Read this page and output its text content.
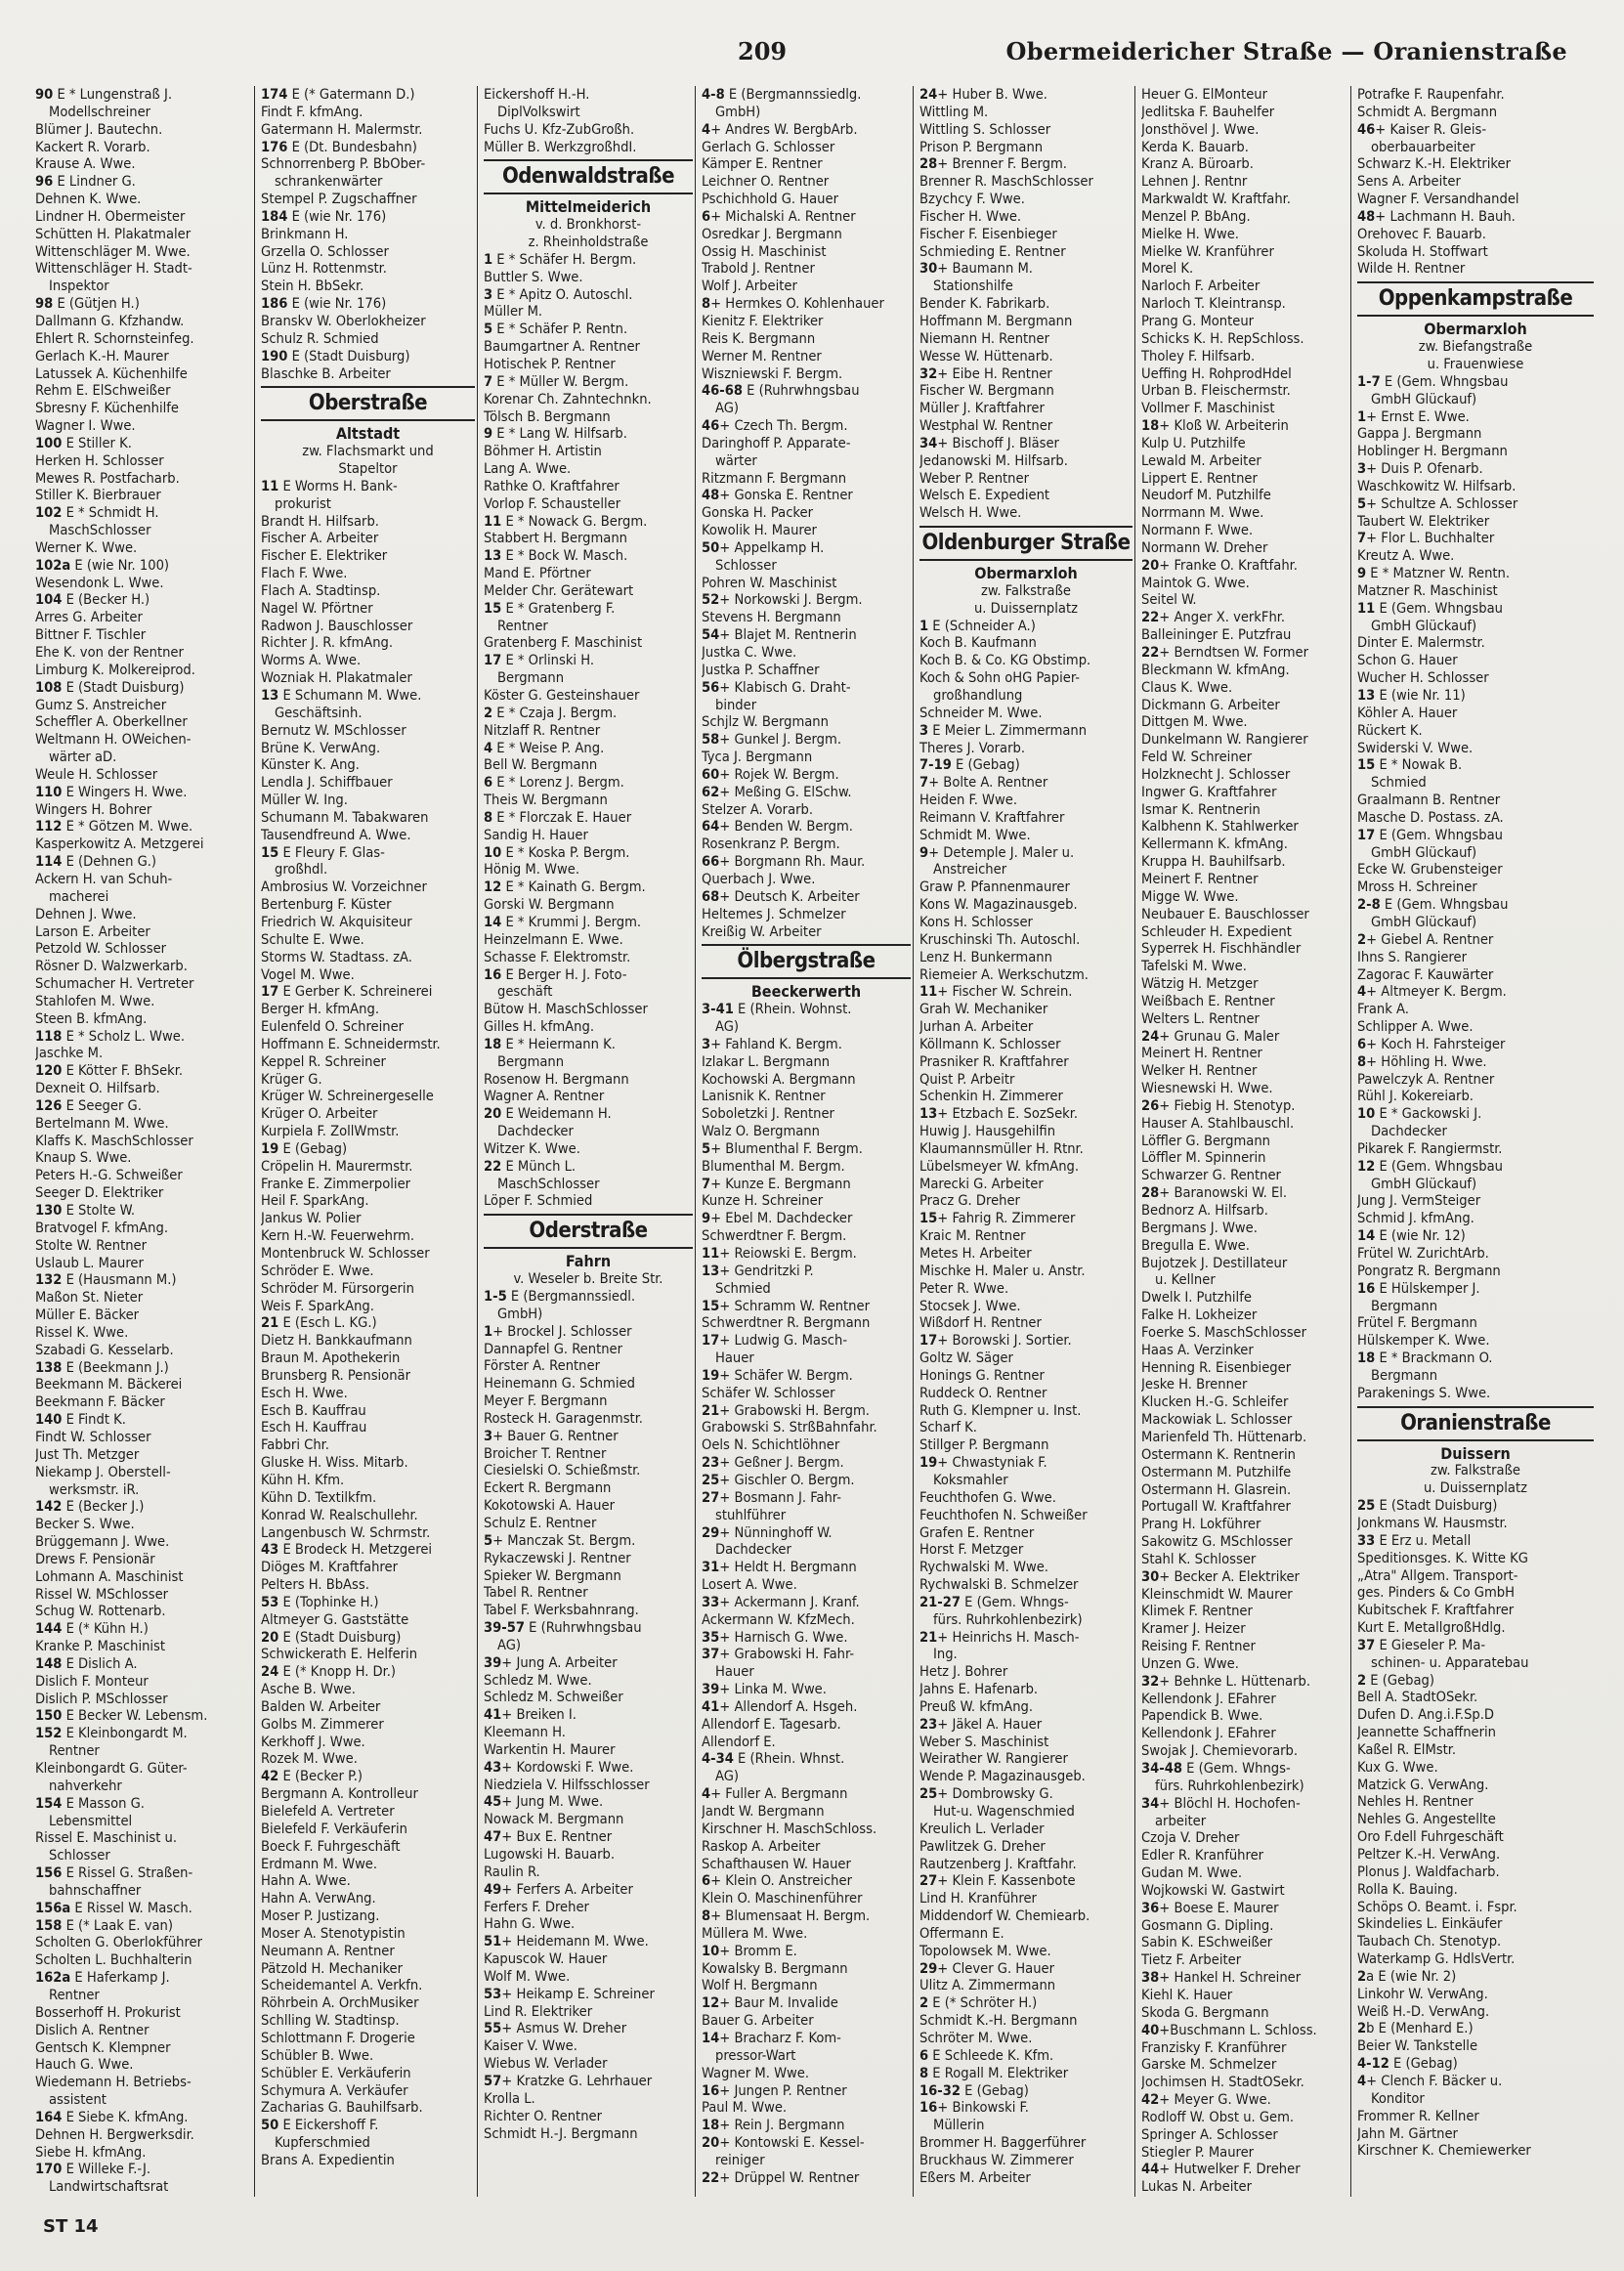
209	Obermeidericher Straße — Oranienstraße
90 E * Lungenstraß J.
Modellschreiner
Blümer J. Bautechn.
Kackert R. Vorarb.
Krause A. Wwe.
96 E Lindner G.
Dehnen K. Wwe.
Lindner H. Obermeister
Schütten H. Plakatmaler
Wittenschläger M. Wwe.
Wittenschläger H. Stadt-
Inspektor
98 E (Gütjen H.)
Dallmann G. Kfzhandw.
Ehlert R. Schornsteinfeg.
Gerlach K.-H. Maurer
Latussek A. Küchenhilfe
Rehm E. ElSchweißer
Sbresny F. Küchenhilfe
Wagner I. Wwe.
100 E Stiller K.
Herken H. Schlosser
Mewes R. Postfacharb.
Stiller K. Bierbrauer
102 E * Schmidt H.
MaschSchlosser
Werner K. Wwe.
102a E (wie Nr. 100)
Wesendonk L. Wwe.
104 E (Becker H.)
Arres G. Arbeiter
Bittner F. Tischler
Ehe K. von der Rentner
Limburg K. Molkereiprod.
108 E (Stadt Duisburg)
Gumz S. Anstreicher
Scheffler A. Oberkellner
Weltmann H. OWeichen-
wärter aD.
Weule H. Schlosser
110 E Wingers H. Wwe.
Wingers H. Bohrer
112 E * Götzen M. Wwe.
Kasperkowitz A. Metzgerei
114 E (Dehnen G.)
Ackern H. van Schuh-
macherei
Dehnen J. Wwe.
Larson E. Arbeiter
Petzold W. Schlosser
Rösner D. Walzwerkarb.
Schumacher H. Vertreter
Stahlofen M. Wwe.
Steen B. kfmAng.
118 E * Scholz L. Wwe.
Jaschke M.
120 E Kötter F. BhSekr.
Dexneit O. Hilfsarb.
126 E Seeger G.
Bertelmann M. Wwe.
Klaffs K. MaschSchlosser
Knaup S. Wwe.
Peters H.-G. Schweißer
Seeger D. Elektriker
130 E Stolte W.
Bratvogel F. kfmAng.
Stolte W. Rentner
Uslaub L. Maurer
132 E (Hausmann M.)
Maßon St. Nieter
Müller E. Bäcker
Rissel K. Wwe.
Szabadi G. Kesselarb.
138 E (Beekmann J.)
Beekmann M. Bäckerei
Beekmann F. Bäcker
140 E Findt K.
Findt W. Schlosser
Just Th. Metzger
Niekamp J. Oberstell-
werksmstr. iR.
142 E (Becker J.)
Becker S. Wwe.
Brüggemann J. Wwe.
Drews F. Pensionär
Lohmann A. Maschinist
Rissel W. MSchlosser
Schug W. Rottenarb.
144 E (* Kühn H.)
Kranke P. Maschinist
148 E Dislich A.
Dislich F. Monteur
Dislich P. MSchlosser
150 E Becker W. Lebensm.
152 E Kleinbongardt M.
Rentner
Kleinbongardt G. Güter-
nahverkehr
154 E Masson G.
Lebensmittel
Rissel E. Maschinist u.
Schlosser
156 E Rissel G. Straßen-
bahnschaffner
156a E Rissel W. Masch.
158 E (* Laak E. van)
Scholten G. Oberlokführer
Scholten L. Buchhalterin
162a E Haferkamp J.
Rentner
Bosserhoff H. Prokurist
Dislich A. Rentner
Gentsch K. Klempner
Hauch G. Wwe.
Wiedemann H. Betriebs-
assistent
164 E Siebe K. kfmAng.
Dehnen H. Bergwerksdir.
Siebe H. kfmAng.
170 E Willeke F.-J.
Landwirtschaftsrat
174 E (* Gatermann D.)
Findt F. kfmAng.
Gatermann H. Malermstr.
176 E (Dt. Bundesbahn)
Schnorrenberg P. BbOber-
schrankenwärter
Stempel P. Zugschaffner
184 E (wie Nr. 176)
Brinkmann H.
Grzella O. Schlosser
Lünz H. Rottenmstr.
Stein H. BbSekr.
186 E (wie Nr. 176)
Branskv W. Oberlokheizer
Schulz R. Schmied
190 E (Stadt Duisburg)
Blaschke B. Arbeiter
Oberstraße
Altstadt
zw. Flachsmarkt und
Stapeltor
11 E Worms H. Bank-
prokurist
Brandt H. Hilfsarb.
Fischer A. Arbeiter
Fischer E. Elektriker
Flach F. Wwe.
Flach A. Stadtinsp.
Nagel W. Pförtner
Radwon J. Bauschlosser
Richter J. R. kfmAng.
Worms A. Wwe.
Wozniak H. Plakatmaler
13 E Schumann M. Wwe.
Geschäftsinh.
Bernutz W. MSchlosser
Brüne K. VerwAng.
Künster K. Ang.
Lendla J. Schiffbauer
Müller W. Ing.
Schumann M. Tabakwaren
Tausendfreund A. Wwe.
15 E Fleury F. Glas-
großhdl.
Ambrosius W. Vorzeichner
Bertenburg F. Küster
Friedrich W. Akquisiteur
Schulte E. Wwe.
Storms W. Stadtass. zA.
Vogel M. Wwe.
17 E Gerber K. Schreinerei
Berger H. kfmAng.
Eulenfeld O. Schreiner
Hoffmann E. Schneidermstr.
Keppel R. Schreiner
Krüger G.
Krüger W. Schreinergeselle
Krüger O. Arbeiter
Kurpiela F. ZollWmstr.
19 E (Gebag)
Cröpelin H. Maurermstr.
Franke E. Zimmerpolier
Heil F. SparkAng.
Jankus W. Polier
Kern H.-W. Feuerwehrm.
Montenbruck W. Schlosser
Schröder E. Wwe.
Schröder M. Fürsorgerin
Weis F. SparkAng.
21 E (Esch L. KG.)
Dietz H. Bankkaufmann
Braun M. Apothekerin
Brunsberg R. Pensionär
Esch H. Wwe.
Esch B. Kauffrau
Esch H. Kauffrau
Fabbri Chr.
Gluske H. Wiss. Mitarb.
Kühn H. Kfm.
Kühn D. Textilkfm.
Konrad W. Realschullehr.
Langenbusch W. Schrmstr.
43 E Brodeck H. Metzgerei
Diöges M. Kraftfahrer
Pelters H. BbAss.
53 E (Tophinke H.)
Altmeyer G. Gaststätte
20 E (Stadt Duisburg)
Schwickerath E. Helferin
24 E (* Knopp H. Dr.)
Asche B. Wwe.
Balden W. Arbeiter
Golbs M. Zimmerer
Kerkhoff J. Wwe.
Rozek M. Wwe.
42 E (Becker P.)
Bergmann A. Kontrolleur
Bielefeld A. Vertreter
Bielefeld F. Verkäuferin
Boeck F. Fuhrgeschäft
Erdmann M. Wwe.
Hahn A. Wwe.
Hahn A. VerwAng.
Moser P. Justizang.
Moser A. Stenotypistin
Neumann A. Rentner
Pätzold H. Mechaniker
Scheidemantel A. Verkfn.
Röhrbein A. OrchMusiker
Schlling W. Stadtinsp.
Schlottmann F. Drogerie
Schübler B. Wwe.
Schübler E. Verkäuferin
Schymura A. Verkäufer
Zacharias G. Bauhilfsarb.
50 E Eickershoff F.
Kupferschmied
Brans A. Expedientin
Eickershoff H.-H.
DiplVolkswirt
Fuchs U. Kfz-ZubGroßh.
Müller B. WerkzgroßhdI.
Odenwaldstraße
Mittelmeiderich
v. d. Bronkhorst-
z. Rheinholdstraße
1 E * Schäfer H. Bergm.
Buttler S. Wwe.
3 E * Apitz O. Autoschl.
Müller M.
5 E * Schäfer P. Rentn.
Baumgartner A. Rentner
Hotischek P. Rentner
7 E * Müller W. Bergm.
Korenar Ch. Zahntechnkn.
Tölsch B. Bergmann
9 E * Lang W. Hilfsarb.
Böhmer H. Artistin
Lang A. Wwe.
Rathke O. Kraftfahrer
Vorlop F. Schausteller
11 E * Nowack G. Bergm.
Stabbert H. Bergmann
13 E * Bock W. Masch.
Mand E. Pförtner
Melder Chr. Gerätewart
15 E * Gratenberg F.
Rentner
Gratenberg F. Maschinist
17 E * Orlinski H.
Bergmann
Köster G. Gesteinshauer
2 E * Czaja J. Bergm.
Nitzlaff R. Rentner
4 E * Weise P. Ang.
Bell W. Bergmann
6 E * Lorenz J. Bergm.
Theis W. Bergmann
8 E * Florczak E. Hauer
Sandig H. Hauer
10 E * Koska P. Bergm.
Hönig M. Wwe.
12 E * Kainath G. Bergm.
Gorski W. Bergmann
14 E * Krummi J. Bergm.
Heinzelmann E. Wwe.
Schasse F. Elektromstr.
16 E Berger H. J. Foto-
geschäft
Bütow H. MaschSchlosser
Gilles H. kfmAng.
18 E * Heiermann K.
Bergmann
Rosenow H. Bergmann
Wagner A. Rentner
20 E Weidemann H.
Dachdecker
Witzer K. Wwe.
22 E Münch L.
MaschSchlosser
Löper F. Schmied
Oderstraße
Fahrn
v. Weseler b. Breite Str.
1-5 E (Bergmannssiedl.
GmbH)
1+ Brockel J. Schlosser
Dannapfel G. Rentner
Förster A. Rentner
Heinemann G. Schmied
Meyer F. Bergmann
Rosteck H. Garagenmstr.
3+ Bauer G. Rentner
Broicher T. Rentner
Ciesielski O. Schießmstr.
Eckert R. Bergmann
Kokotowski A. Hauer
Schulz E. Rentner
5+ Manczak St. Bergm.
Rykaczewski J. Rentner
Spieker W. Bergmann
Tabel R. Rentner
Tabel F. Werksbahnrang.
39-57 E (Ruhrwhngsbau
AG)
39+ Jung A. Arbeiter
Schledz M. Wwe.
Schledz M. Schweißer
41+ Breiken I.
Kleemann H.
Warkentin H. Maurer
43+ Kordowski F. Wwe.
Niedziela V. Hilfsschlosser
45+ Jung M. Wwe.
Nowack M. Bergmann
47+ Bux E. Rentner
Lugowski H. Bauarb.
Raulin R.
49+ Ferfers A. Arbeiter
Ferfers F. Dreher
Hahn G. Wwe.
51+ Heidemann M. Wwe.
Kapuscok W. Hauer
Wolf M. Wwe.
53+ Heikamp E. Schreiner
Lind R. Elektriker
55+ Asmus W. Dreher
Kaiser V. Wwe.
Wiebus W. Verlader
57+ Kratzke G. Lehrhauer
Krolla L.
Richter O. Rentner
Schmidt H.-J. Bergmann
4-8 E (Bergmannssiedlg.
GmbH)
4+ Andres W. BergbArb.
Gerlach G. Schlosser
Kämper E. Rentner
Leichner O. Rentner
Pschichhold G. Hauer
6+ Michalski A. Rentner
Osredkar J. Bergmann
Ossig H. Maschinist
Trabold J. Rentner
Wolf J. Arbeiter
8+ Hermkes O. Kohlenhauer
Kienitz F. Elektriker
Reis K. Bergmann
Werner M. Rentner
Wiszniewski F. Bergm.
46-68 E (Ruhrwhngsbau
AG)
46+ Czech Th. Bergm.
Daringhoff P. Apparate-
wärter
Ritzmann F. Bergmann
48+ Gonska E. Rentner
Gonska H. Packer
Kowolik H. Maurer
50+ Appelkamp H.
Schlosser
Pohren W. Maschinist
52+ Norkowski J. Bergm.
Stevens H. Bergmann
54+ Blajet M. Rentnerin
Justka C. Wwe.
Justka P. Schaffner
56+ Klabisch G. Draht-
binder
Schjlz W. Bergmann
58+ Gunkel J. Bergm.
Tyca J. Bergmann
60+ Rojek W. Bergm.
62+ Meßing G. ElSchw.
Stelzer A. Vorarb.
64+ Benden W. Bergm.
Rosenkranz P. Bergm.
66+ Borgmann Rh. Maur.
Querbach J. Wwe.
68+ Deutsch K. Arbeiter
Heltemes J. Schmelzer
Kreißig W. Arbeiter
Ölbergstraße
Beeckerwerth
3-41 E (Rhein. Wohnst.
AG)
3+ Fahland K. Bergm.
Izlakar L. Bergmann
Kochowski A. Bergmann
Lanisnik K. Rentner
Soboletzki J. Rentner
Walz O. Bergmann
5+ Blumenthal F. Bergm.
Blumenthal M. Bergm.
7+ Kunze E. Bergmann
Kunze H. Schreiner
9+ Ebel M. Dachdecker
Schwerdtner F. Bergm.
11+ Reiowski E. Bergm.
13+ Gendritzki P.
Schmied
15+ Schramm W. Rentner
Schwerdtner R. Bergmann
17+ Ludwig G. Masch-
Hauer
19+ Schäfer W. Bergm.
Schäfer W. Schlosser
21+ Grabowski H. Bergm.
Grabowski S. StrßBahnfahr.
Oels N. Schichtlöhner
23+ Geßner J. Bergm.
25+ Gischler O. Bergm.
27+ Bosmann J. Fahr-
stuhlführer
29+ Nünninghoff W.
Dachdecker
31+ Heldt H. Bergmann
Losert A. Wwe.
33+ Ackermann J. Kranf.
Ackermann W. KfzMech.
35+ Harnisch G. Wwe.
37+ Grabowski H. Fahr-
Hauer
39+ Linka M. Wwe.
41+ Allendorf A. Hsgeh.
Allendorf E. Tagesarb.
Allendorf E.
4-34 E (Rhein. Whnst.
AG)
4+ Fuller A. Bergmann
Jandt W. Bergmann
Kirschner H. MaschSchloss.
Raskop A. Arbeiter
Schafthausen W. Hauer
6+ Klein O. Anstreicher
Klein O. Maschinenführer
8+ Blumensaat H. Bergm.
Müllera M. Wwe.
10+ Bromm E.
Kowalsky B. Bergmann
Wolf H. Bergmann
12+ Baur M. Invalide
Bauer G. Arbeiter
14+ Bracharz F. Kom-
pressor-Wart
Wagner M. Wwe.
16+ Jungen P. Rentner
Paul M. Wwe.
18+ Rein J. Bergmann
20+ Kontowski E. Kessel-
reiniger
22+ Drüppel W. Rentner
24+ Huber B. Wwe.
Wittling M.
Wittling S. Schlosser
Prison P. Bergmann
28+ Brenner F. Bergm.
Brenner R. MaschSchlosser
Bzychcy F. Wwe.
Fischer H. Wwe.
Fischer F. Eisenbieger
Schmieding E. Rentner
30+ Baumann M.
Stationshilfe
Bender K. Fabrikarb.
Hoffmann M. Bergmann
Niemann H. Rentner
Wesse W. Hüttenarb.
32+ Eibe H. Rentner
Fischer W. Bergmann
Müller J. Kraftfahrer
Westphal W. Rentner
34+ Bischoff J. Bläser
Jedanowski M. Hilfsarb.
Weber P. Rentner
Welsch E. Expedient
Welsch H. Wwe.
Oldenburger Straße
Obermarxloh
zw. Falkstraße
u. Duissernplatz
1 E (Schneider A.)
Koch B. Kaufmann
Koch B. & Co. KG Obstimp.
Koch & Sohn oHG Papier-
großhandlung
Schneider M. Wwe.
3 E Meier L. Zimmermann
Theres J. Vorarb.
7-19 E (Gebag)
7+ Bolte A. Rentner
Heiden F. Wwe.
Reimann V. Kraftfahrer
Schmidt M. Wwe.
9+ Detemple J. Maler u.
Anstreicher
Graw P. Pfannenmaurer
Kons W. Magazinausgeb.
Kons H. Schlosser
Kruschinski Th. Autoschl.
Lenz H. Bunkermann
Riemeier A. Werkschutzm.
11+ Fischer W. Schrein.
Grah W. Mechaniker
Jurhan A. Arbeiter
Köllmann K. Schlosser
Prasniker R. Kraftfahrer
Quist P. Arbeitr
Schenkin H. Zimmerer
13+ Etzbach E. SozSekr.
Huwig J. Hausgehilfin
Klaumannsmüller H. Rtnr.
Lübelsmeyer W. kfmAng.
Marecki G. Arbeiter
Pracz G. Dreher
15+ Fahrig R. Zimmerer
Kraic M. Rentner
Metes H. Arbeiter
Mischke H. Maler u. Anstr.
Peter R. Wwe.
Stocsek J. Wwe.
Wißdorf H. Rentner
17+ Borowski J. Sortier.
Goltz W. Säger
Honings G. Rentner
Ruddeck O. Rentner
Ruth G. Klempner u. Inst.
Scharf K.
Stillger P. Bergmann
19+ Chwastyniak F.
Koksmahler
Feuchthofen G. Wwe.
Feuchthofen N. Schweißer
Grafen E. Rentner
Horst F. Metzger
Rychwalski M. Wwe.
Rychwalski B. Schmelzer
21-27 E (Gem. Whngs-
fürs. Ruhrkohlenbezirk)
21+ Heinrichs H. Masch-
Ing.
Hetz J. Bohrer
Jahns E. Hafenarb.
Preuß W. kfmAng.
23+ Jäkel A. Hauer
Weber S. Maschinist
Weirather W. Rangierer
Wende P. Magazinausgeb.
25+ Dombrowsky G.
Hut-u. Wagenschmied
Kreulich L. Verlader
Pawlitzek G. Dreher
Rautzenberg J. Kraftfahr.
27+ Klein F. Kassenbote
Lind H. Kranführer
Middendorf W. Chemiearb.
Offermann E.
Topolowsek M. Wwe.
29+ Clever G. Hauer
Ulitz A. Zimmermann
2 E (* Schröter H.)
Schmidt K.-H. Bergmann
Schröter M. Wwe.
6 E Schleede K. Kfm.
8 E Rogall M. Elektriker
16-32 E (Gebag)
16+ Binkowski F.
Müllerin
Brommer H. Baggerführer
Bruckhaus W. Zimmerer
Eßers M. Arbeiter
Heuer G. ElMonteur
Jedlitska F. Bauhelfer
Jonsthövel J. Wwe.
Kerda K. Bauarb.
Kranz A. Büroarb.
Lehnen J. Rentnr
Markwaldt W. Kraftfahr.
Menzel P. BbAng.
Mielke H. Wwe.
Mielke W. Kranführer
Morel K.
Narloch F. Arbeiter
Narloch T. Kleintransp.
Prang G. Monteur
Schicks K. H. RepSchloss.
Tholey F. Hilfsarb.
Ueffing H. RohprodHdel
Urban B. Fleischermstr.
Vollmer F. Maschinist
18+ Kloß W. Arbeiterin
Kulp U. Putzhilfe
Lewald M. Arbeiter
Lippert E. Rentner
Neudorf M. Putzhilfe
Norrmann M. Wwe.
Normann F. Wwe.
Normann W. Dreher
20+ Franke O. Kraftfahr.
Maintok G. Wwe.
Seitel W.
22+ Anger X. verkFhr.
Balleininger E. Putzfrau
22+ Berndtsen W. Former
Bleckmann W. kfmAng.
Claus K. Wwe.
Dickmann G. Arbeiter
Dittgen M. Wwe.
Dunkelmann W. Rangierer
Feld W. Schreiner
Holzknecht J. Schlosser
Ingwer G. Kraftfahrer
Ismar K. Rentnerin
Kalbhenn K. Stahlwerker
Kellermann K. kfmAng.
Kruppa H. Bauhilfsarb.
Meinert F. Rentner
Migge W. Wwe.
Neubauer E. Bauschlosser
Schleuder H. Expedient
Syperrek H. Fischhändler
Tafelski M. Wwe.
Wätzig H. Metzger
Weißbach E. Rentner
Welters L. Rentner
24+ Grunau G. Maler
Meinert H. Rentner
Welker H. Rentner
Wiesnewski H. Wwe.
26+ Fiebig H. Stenotyp.
Hauser A. Stahlbauschl.
Löffler G. Bergmann
Löffler M. Spinnerin
Schwarzer G. Rentner
28+ Baranowski W. El.
Bednorz A. Hilfsarb.
Bergmans J. Wwe.
Bregulla E. Wwe.
Bujotzek J. Destillateur
u. Kellner
Dwelk I. Putzhilfe
Falke H. Lokheizer
Foerke S. MaschSchlosser
Haas A. Verzinker
Henning R. Eisenbieger
Jeske H. Brenner
Klucken H.-G. Schleifer
Mackowiak L. Schlosser
Marienfeld Th. Hüttenarb.
Ostermann K. Rentnerin
Ostermann M. Putzhilfe
Ostermann H. Glasrein.
Portugall W. Kraftfahrer
Prang H. Lokführer
Sakowitz G. MSchlosser
Stahl K. Schlosser
30+ Becker A. Elektriker
Kleinschmidt W. Maurer
Klimek F. Rentner
Kramer J. Heizer
Reising F. Rentner
Unzen G. Wwe.
32+ Behnke L. Hüttenarb.
Kellendonk J. EFahrer
Papendick B. Wwe.
Kellendonk J. EFahrer
Swojak J. Chemievorarb.
34-48 E (Gem. Whngs-
fürs. Ruhrkohlenbezirk)
34+ Blöchl H. Hochofen-
arbeiter
Czoja V. Dreher
Edler R. Kranführer
Gudan M. Wwe.
Wojkowski W. Gastwirt
36+ Boese E. Maurer
Gosmann G. Dipling.
Sabin K. ESchweißer
Tietz F. Arbeiter
38+ Hankel H. Schreiner
Kiehl K. Hauer
Skoda G. Bergmann
40+Buschmann L. Schloss.
Franzisky F. Kranführer
Garske M. Schmelzer
Jochimsen H. StadtOSekr.
42+ Meyer G. Wwe.
Rodloff W. Obst u. Gem.
Springer A. Schlosser
Stiegler P. Maurer
44+ Hutwelker F. Dreher
Lukas N. Arbeiter
Potrafke F. Raupenfahr.
Schmidt A. Bergmann
46+ Kaiser R. Gleis-
oberbauarbeiter
Schwarz K.-H. Elektriker
Sens A. Arbeiter
Wagner F. Versandhandel
48+ Lachmann H. Bauh.
Orehovec F. Bauarb.
Skoluda H. Stoffwart
Wilde H. Rentner
Oppenkampstraße
Obermarxloh
zw. Biefangstraße
u. Frauenwiese
1-7 E (Gem. Whngsbau
GmbH Glückauf)
1+ Ernst E. Wwe.
Gappa J. Bergmann
Hoblinger H. Bergmann
3+ Duis P. Ofenarb.
Waschkowitz W. Hilfsarb.
5+ Schultze A. Schlosser
Taubert W. Elektriker
7+ Flor L. Buchhalter
Kreutz A. Wwe.
9 E * Matzner W. Rentn.
Matzner R. Maschinist
11 E (Gem. Whngsbau
GmbH Glückauf)
Dinter E. Malermstr.
Schon G. Hauer
Wucher H. Schlosser
13 E (wie Nr. 11)
Köhler A. Hauer
Rückert K.
Swiderski V. Wwe.
15 E * Nowak B.
Schmied
Graalmann B. Rentner
Masche D. Postass. zA.
17 E (Gem. Whngsbau
GmbH Glückauf)
Ecke W. Grubensteiger
Mross H. Schreiner
2-8 E (Gem. Whngsbau
GmbH Glückauf)
2+ Giebel A. Rentner
Ihns S. Rangierer
Zagorac F. Kauwärter
4+ Altmeyer K. Bergm.
Frank A.
Schlipper A. Wwe.
6+ Koch H. Fahrsteiger
8+ Höhling H. Wwe.
Pawelczyk A. Rentner
Rühl J. Kokereiarb.
10 E * Gackowski J.
Dachdecker
Pikarek F. Rangiermstr.
12 E (Gem. Whngsbau
GmbH Glückauf)
Jung J. VermSteiger
Schmid J. kfmAng.
14 E (wie Nr. 12)
Frütel W. ZurichtArb.
Pongratz R. Bergmann
16 E Hülskemper J.
Bergmann
Frütel F. Bergmann
Hülskemper K. Wwe.
18 E * Brackmann O.
Bergmann
Parakenings S. Wwe.
Oranienstraße
Duissern
zw. Falkstraße
u. Duissernplatz
25 E (Stadt Duisburg)
Jonkmans W. Hausmstr.
33 E Erz u. Metall
Speditionsges. K. Witte KG
„Atra" Allgem. Transport-
ges. Pinders & Co GmbH
Kubitschek F. Kraftfahrer
Kurt E. MetallgroßHdlg.
37 E Gieseler P. Ma-
schinen- u. Apparatebau
2 E (Gebag)
Bell A. StadtOSekr.
Dufen D. Ang.i.F.Sp.D
Jeannette Schaffnerin
Kaßel R. ElMstr.
Kux G. Wwe.
Matzick G. VerwAng.
Nehles H. Rentner
Nehles G. Angestellte
Oro F.dell Fuhrgeschäft
Peltzer K.-H. VerwAng.
Plonus J. Waldfacharb.
Rolla K. Bauing.
Schöps O. Beamt. i. Fspr.
Skindelies L. Einkäufer
Taubach Ch. Stenotyp.
Waterkamp G. HdlsVertr.
2a E (wie Nr. 2)
Linkohr W. VerwAng.
Weiß H.-D. VerwAng.
2b E (Menhard E.)
Beier W. Tankstelle
4-12 E (Gebag)
4+ Clench F. Bäcker u.
Konditor
Frommer R. Kellner
Jahn M. Gärtner
Kirschner K. Chemiewerker
ST 14
